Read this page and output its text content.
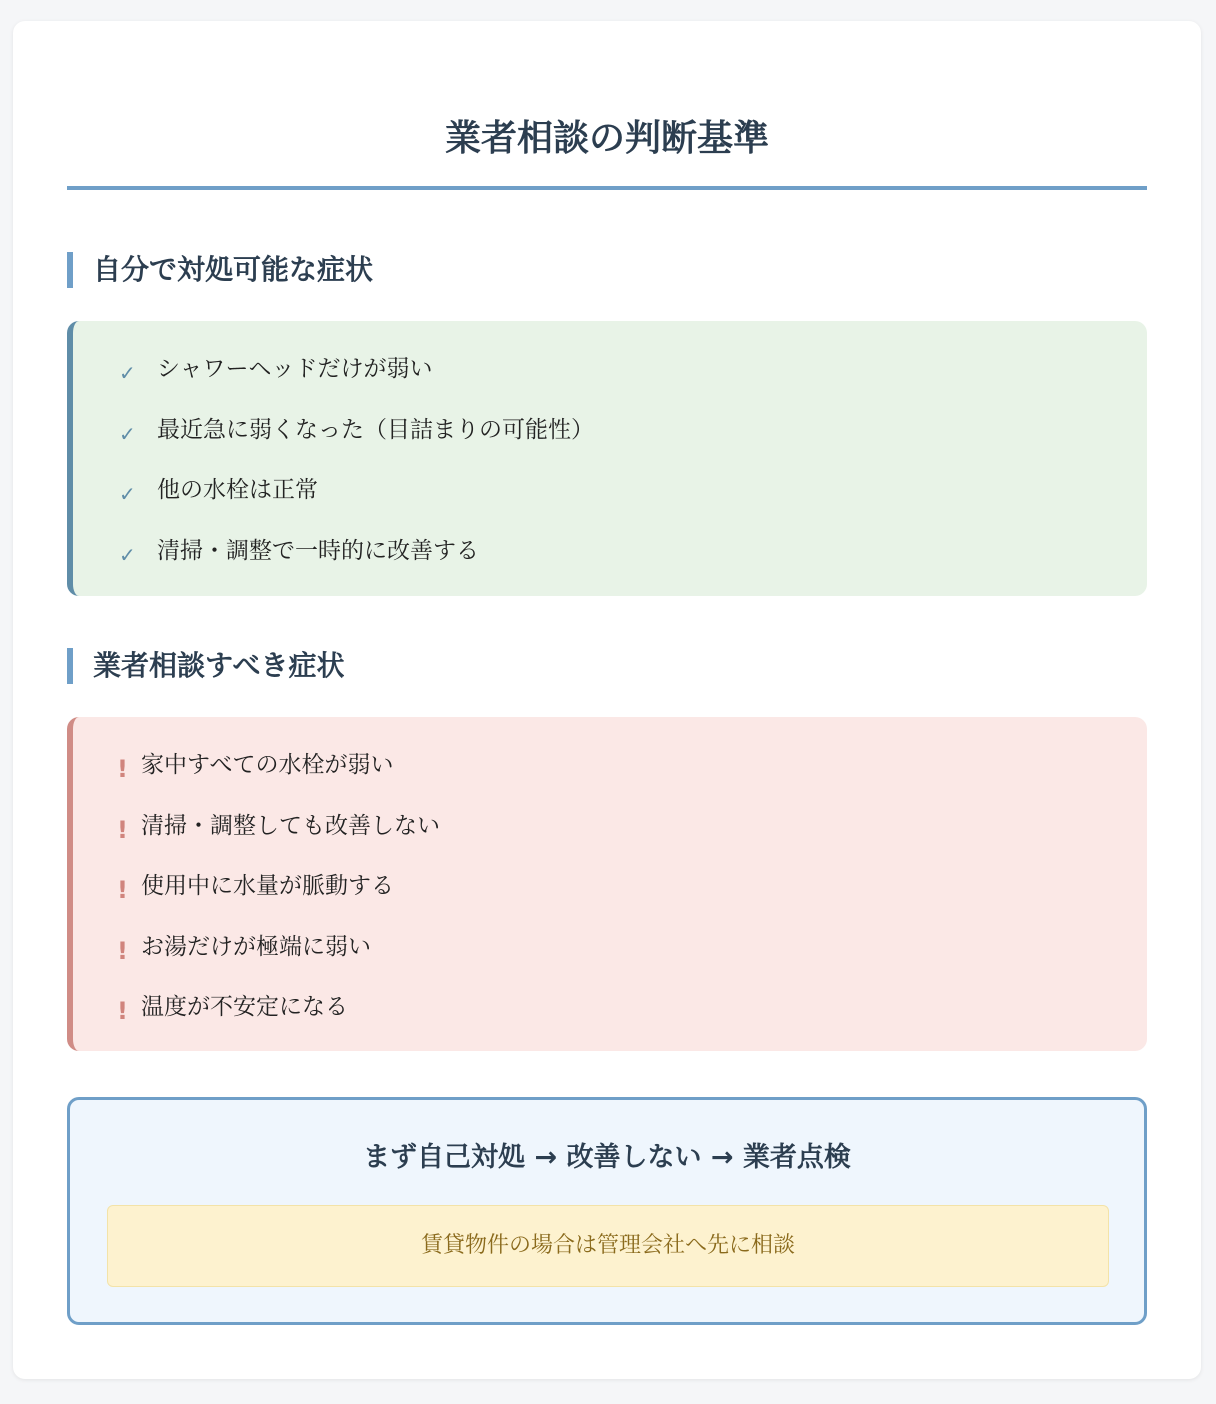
業者相談の判断基準
自分で対処可能な症状
✓ シャワーヘッドだけが弱い
✓ 最近急に弱くなった（目詰まりの可能性）
✓ 他の水栓は正常
✓ 清掃・調整で一時的に改善する
業者相談すべき症状
! 家中すべての水栓が弱い
! 清掃・調整しても改善しない
! 使用中に水量が脈動する
! お湯だけが極端に弱い
! 温度が不安定になる
まず自己対処 → 改善しない → 業者点検
賃貸物件の場合は管理会社へ先に相談
